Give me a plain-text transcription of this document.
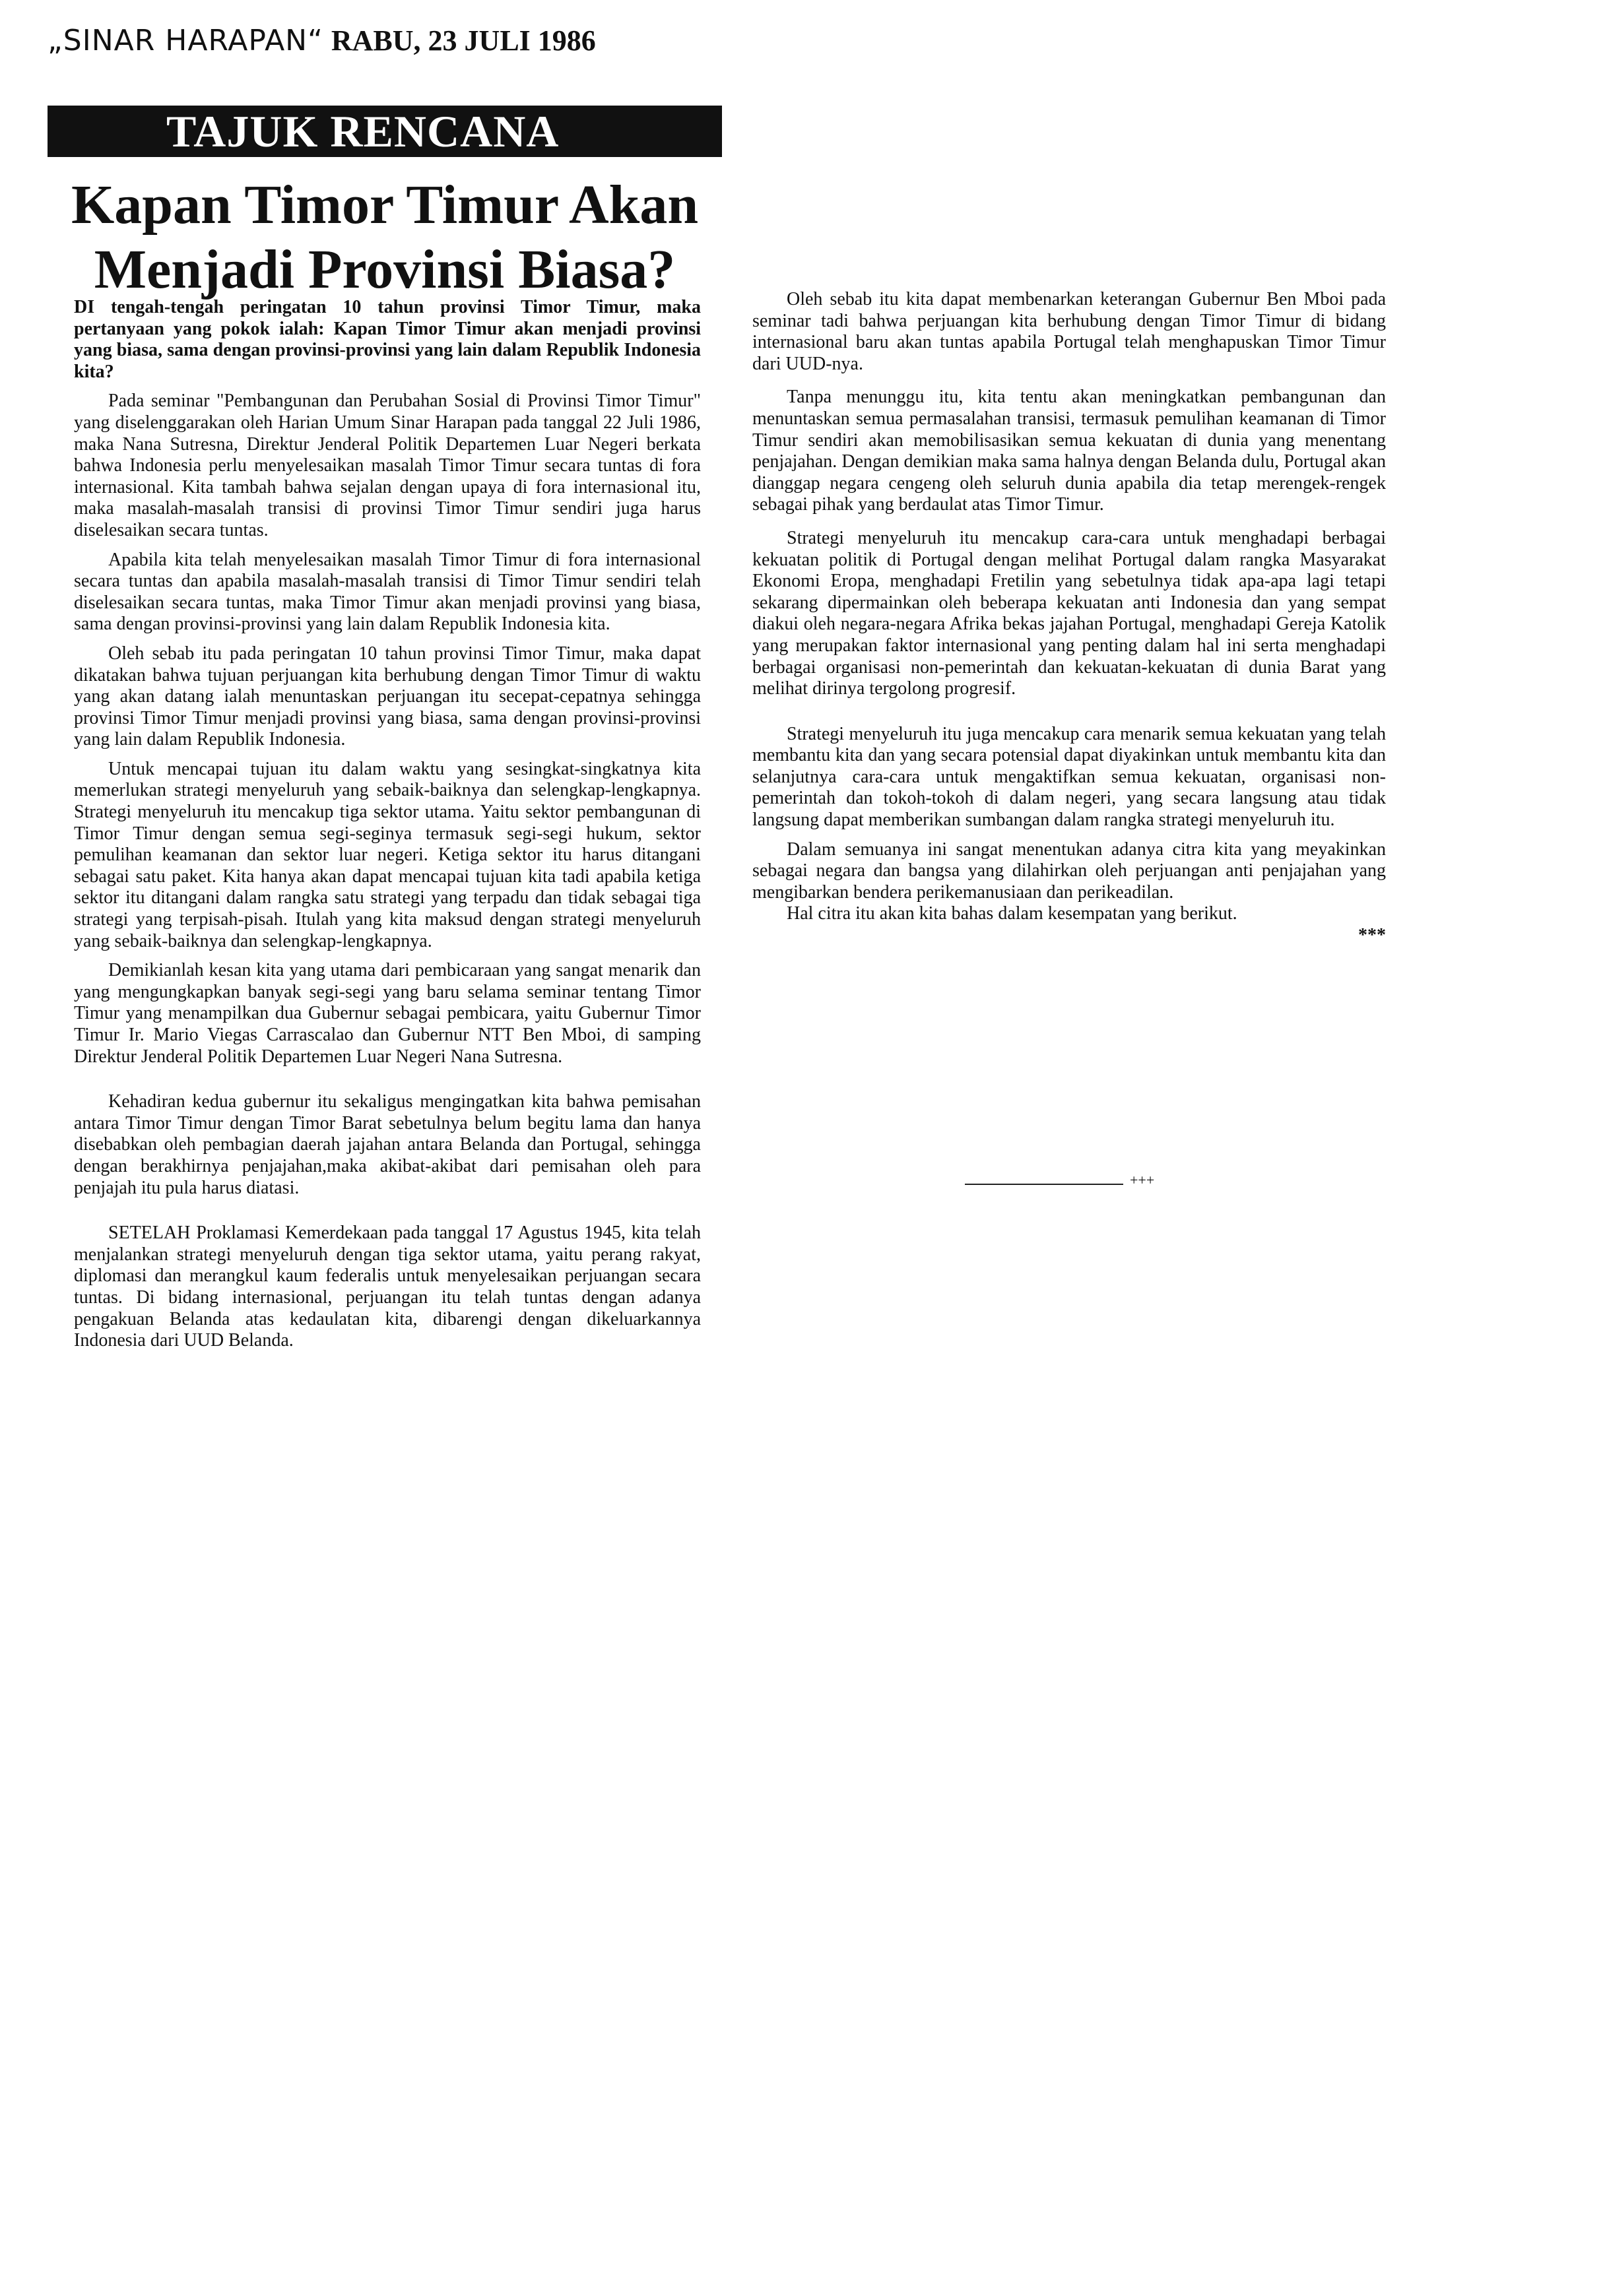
„SINAR HARAPAN“ RABU, 23 JULI 1986
TAJUK RENCANA
Kapan Timor Timur Akan
Menjadi Provinsi Biasa?

DI tengah-tengah peringatan 10 tahun provinsi Timor Timur, maka pertanyaan yang pokok ialah: Kapan Timor Timur akan menjadi provinsi yang biasa, sama dengan provinsi-provinsi yang lain dalam Republik Indonesia kita?

Pada seminar "Pembangunan dan Perubahan Sosial di Provinsi Timor Timur" yang diselenggarakan oleh Harian Umum Sinar Harapan pada tanggal 22 Juli 1986, maka Nana Sutresna, Direktur Jenderal Politik Departemen Luar Negeri berkata bahwa Indonesia perlu menyelesaikan masalah Timor Timur secara tuntas di fora internasional. Kita tambah bahwa sejalan dengan upaya di fora internasional itu, maka masalah-masalah transisi di provinsi Timor Timur sendiri juga harus diselesaikan secara tuntas.

Apabila kita telah menyelesaikan masalah Timor Timur di fora internasional secara tuntas dan apabila masalah-masalah transisi di Timor Timur sendiri telah diselesaikan secara tuntas, maka Timor Timur akan menjadi provinsi yang biasa, sama dengan provinsi-provinsi yang lain dalam Republik Indonesia kita.

Oleh sebab itu pada peringatan 10 tahun provinsi Timor Timur, maka dapat dikatakan bahwa tujuan perjuangan kita berhubung dengan Timor Timur di waktu yang akan datang ialah menuntaskan perjuangan itu secepat-cepatnya sehingga provinsi Timor Timur menjadi provinsi yang biasa, sama dengan provinsi-provinsi yang lain dalam Republik Indonesia.

Untuk mencapai tujuan itu dalam waktu yang sesingkat-singkatnya kita memerlukan strategi menyeluruh yang sebaik-baiknya dan selengkap-lengkapnya. Strategi menyeluruh itu mencakup tiga sektor utama. Yaitu sektor pembangunan di Timor Timur dengan semua segi-seginya termasuk segi-segi hukum, sektor pemulihan keamanan dan sektor luar negeri. Ketiga sektor itu harus ditangani sebagai satu paket. Kita hanya akan dapat mencapai tujuan kita tadi apabila ketiga sektor itu ditangani dalam rangka satu strategi yang terpadu dan tidak sebagai tiga strategi yang terpisah-pisah. Itulah yang kita maksud dengan strategi menyeluruh yang sebaik-baiknya dan selengkap-lengkapnya.

Demikianlah kesan kita yang utama dari pembicaraan yang sangat menarik dan yang mengungkapkan banyak segi-segi yang baru selama seminar tentang Timor Timur yang menampilkan dua Gubernur sebagai pembicara, yaitu Gubernur Timor Timur Ir. Mario Viegas Carrascalao dan Gubernur NTT Ben Mboi, di samping Direktur Jenderal Politik Departemen Luar Negeri Nana Sutresna.

Kehadiran kedua gubernur itu sekaligus mengingatkan kita bahwa pemisahan antara Timor Timur dengan Timor Barat sebetulnya belum begitu lama dan hanya disebabkan oleh pembagian daerah jajahan antara Belanda dan Portugal, sehingga dengan berakhirnya penjajahan,maka akibat-akibat dari pemisahan oleh para penjajah itu pula harus diatasi.

SETELAH Proklamasi Kemerdekaan pada tanggal 17 Agustus 1945, kita telah menjalankan strategi menyeluruh dengan tiga sektor utama, yaitu perang rakyat, diplomasi dan merangkul kaum federalis untuk menyelesaikan perjuangan secara tuntas. Di bidang internasional, perjuangan itu telah tuntas dengan adanya pengakuan Belanda atas kedaulatan kita, dibarengi dengan dikeluarkannya Indonesia dari UUD Belanda.

Oleh sebab itu kita dapat membenarkan keterangan Gubernur Ben Mboi pada seminar tadi bahwa perjuangan kita berhubung dengan Timor Timur di bidang internasional baru akan tuntas apabila Portugal telah menghapuskan Timor Timur dari UUD-nya.

Tanpa menunggu itu, kita tentu akan meningkatkan pembangunan dan menuntaskan semua permasalahan transisi, termasuk pemulihan keamanan di Timor Timur sendiri akan memobilisasikan semua kekuatan di dunia yang menentang penjajahan. Dengan demikian maka sama halnya dengan Belanda dulu, Portugal akan dianggap negara cengeng oleh seluruh dunia apabila dia tetap merengek-rengek sebagai pihak yang berdaulat atas Timor Timur.

Strategi menyeluruh itu mencakup cara-cara untuk menghadapi berbagai kekuatan politik di Portugal dengan melihat Portugal dalam rangka Masyarakat Ekonomi Eropa, menghadapi Fretilin yang sebetulnya tidak apa-apa lagi tetapi sekarang dipermainkan oleh beberapa kekuatan anti Indonesia dan yang sempat diakui oleh negara-negara Afrika bekas jajahan Portugal, menghadapi Gereja Katolik yang merupakan faktor internasional yang penting dalam hal ini serta menghadapi berbagai organisasi non-pemerintah dan kekuatan-kekuatan di dunia Barat yang melihat dirinya tergolong progresif.

Strategi menyeluruh itu juga mencakup cara menarik semua kekuatan yang telah membantu kita dan yang secara potensial dapat diyakinkan untuk membantu kita dan selanjutnya cara-cara untuk mengaktifkan semua kekuatan, organisasi non-pemerintah dan tokoh-tokoh di dalam negeri, yang secara langsung atau tidak langsung dapat memberikan sumbangan dalam rangka strategi menyeluruh itu.

Dalam semuanya ini sangat menentukan adanya citra kita yang meyakinkan sebagai negara dan bangsa yang dilahirkan oleh perjuangan anti penjajahan yang mengibarkan bendera perikemanusiaan dan perikeadilan.

Hal citra itu akan kita bahas dalam kesempatan yang berikut.

***

+++
